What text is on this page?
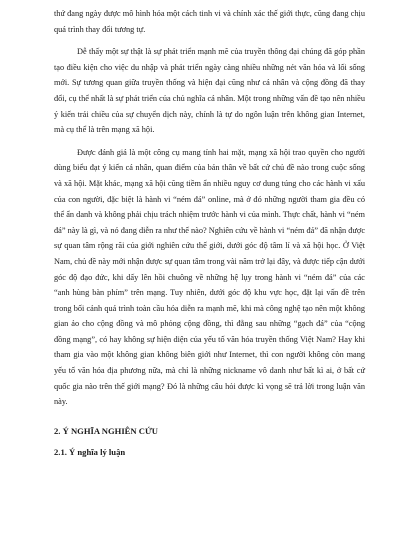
thứ đang ngày được mô hình hóa một cách tinh vi và chính xác thế giới thực, cũng đang chịu quá trình thay đổi tương tự.

Dễ thấy một sự thật là sự phát triển mạnh mẽ của truyền thông đại chúng đã góp phần tạo điều kiện cho việc du nhập và phát triển ngày càng nhiều những nét văn hóa và lối sống mới. Sự tương quan giữa truyền thống và hiện đại cũng như cá nhân và cộng đồng đã thay đổi, cụ thể nhất là sự phát triển của chủ nghĩa cá nhân. Một trong những vấn đề tạo nên nhiều ý kiến trái chiều của sự chuyển dịch này, chính là tự do ngôn luận trên không gian Internet, mà cụ thể là trên mạng xã hội.

Được đánh giá là một công cụ mang tính hai mặt, mạng xã hội trao quyền cho người dùng biểu đạt ý kiến cá nhân, quan điểm của bản thân về bất cứ chủ đề nào trong cuộc sống và xã hội. Mặt khác, mạng xã hội cũng tiềm ẩn nhiều nguy cơ dung túng cho các hành vi xấu của con người, đặc biệt là hành vi “ném đá” online, mà ở đó những người tham gia đều có thể ẩn danh và không phải chịu trách nhiệm trước hành vi của mình. Thực chất, hành vi “ném đá” này là gì, và nó đang diễn ra như thế nào? Nghiên cứu về hành vi “ném đá” đã nhận được sự quan tâm rộng rãi của giới nghiên cứu thế giới, dưới góc độ tâm lí và xã hội học. Ở Việt Nam, chủ đề này mới nhận được sự quan tâm trong vài năm trở lại đây, và được tiếp cận dưới góc độ đạo đức, khi dấy lên hồi chuông về những hệ lụy trong hành vi “ném đá” của các “anh hùng bàn phím” trên mạng. Tuy nhiên, dưới góc độ khu vực học, đặt lại vấn đề trên trong bối cảnh quá trình toàn cầu hóa diễn ra mạnh mẽ, khi mà công nghệ tạo nên một không gian ảo cho cộng đồng và mô phỏng cộng đồng, thì đằng sau những “gạch đá” của “cộng đồng mạng”, có hay không sự hiện diện của yếu tố văn hóa truyền thống Việt Nam? Hay khi tham gia vào một không gian không biên giới như Internet, thì con người không còn mang yếu tố văn hóa địa phương nữa, mà chỉ là những nickname vô danh như bất kì ai, ở bất cứ quốc gia nào trên thế giới mạng? Đó là những câu hỏi được kì vọng sẽ trả lời trong luận văn này.

2. Ý NGHĨA NGHIÊN CỨU

2.1. Ý nghĩa lý luận
